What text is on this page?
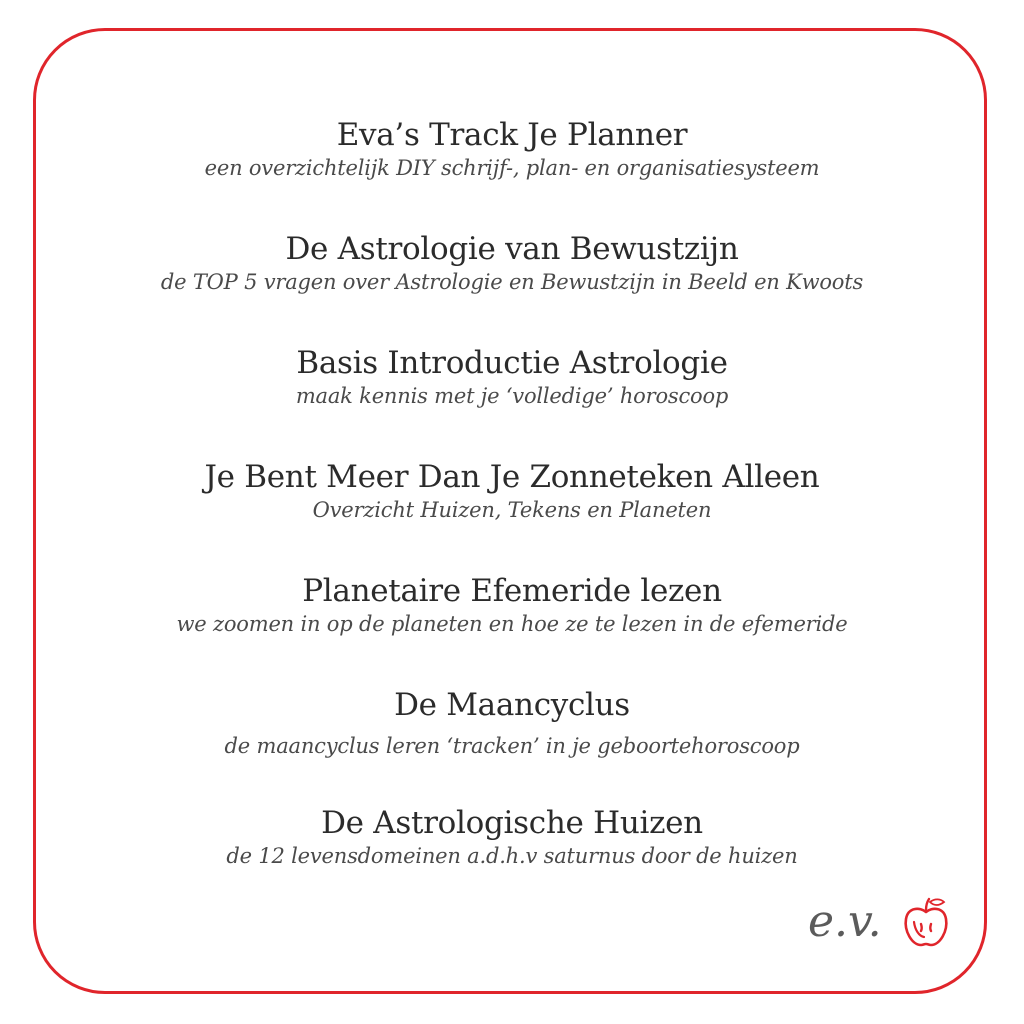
Eva’s Track Je Planner
een overzichtelijk DIY schrijf-, plan- en organisatiesysteem
De Astrologie van Bewustzijn
de TOP 5 vragen over Astrologie en Bewustzijn in Beeld en Kwoots
Basis Introductie Astrologie
maak kennis met je ‘volledige’ horoscoop
Je Bent Meer Dan Je Zonneteken Alleen
Overzicht Huizen, Tekens en Planeten
Planetaire Efemeride lezen
we zoomen in op de planeten en hoe ze te lezen in de efemeride
De Maancyclus
de maancyclus leren ‘tracken’ in je geboortehoroscoop
De Astrologische Huizen
de 12 levensdomeinen a.d.h.v saturnus door de huizen
e.v.
